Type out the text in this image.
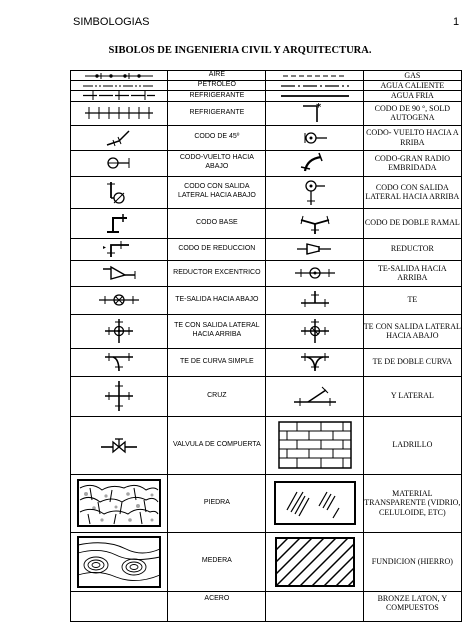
SIMBOLOGIAS	1
SIBOLOS DE INGENIERIA CIVIL Y ARQUITECTURA.
	AIRE		GAS

	PETROLEO		AGUA CALIENTE

	REFRIGERANTE		AGUA FRIA

	REFRIGERANTE	*	CODO DE 90 °, SOLD AUTOGENA

	CODO DE 45º		CODO- VUELTO HACIA A RRIBA

	CODO-VUELTO HACIA ABAJO		CODO-GRAN RADIO EMBRIDADA

	CODO CON SALIDA LATERAL HACIA ABAJO		CODO CON SALIDA LATERAL HACIA ARRIBA

	CODO BASE		CODO DE DOBLE RAMAL

▸	CODO DE REDUCCION		REDUCTOR

	REDUCTOR EXCENTRICO		TE-SALIDA HACIA ARRIBA

	TE-SALIDA HACIA ABAJO		TE

	TE CON SALIDA LATERAL HACIA ARRIBA		TE CON SALIDA LATERAL HACIA ABAJO

	TE DE CURVA SIMPLE		TE DE DOBLE CURVA

	CRUZ		Y LATERAL

	VALVULA DE COMPUERTA		LADRILLO

	PIEDRA		MATERIAL TRANSPARENTE (VIDRIO, CELULOIDE, ETC)

	MEDERA		FUNDICION (HIERRO)

	ACERO		BRONZE LATON, Y COMPUESTOS
